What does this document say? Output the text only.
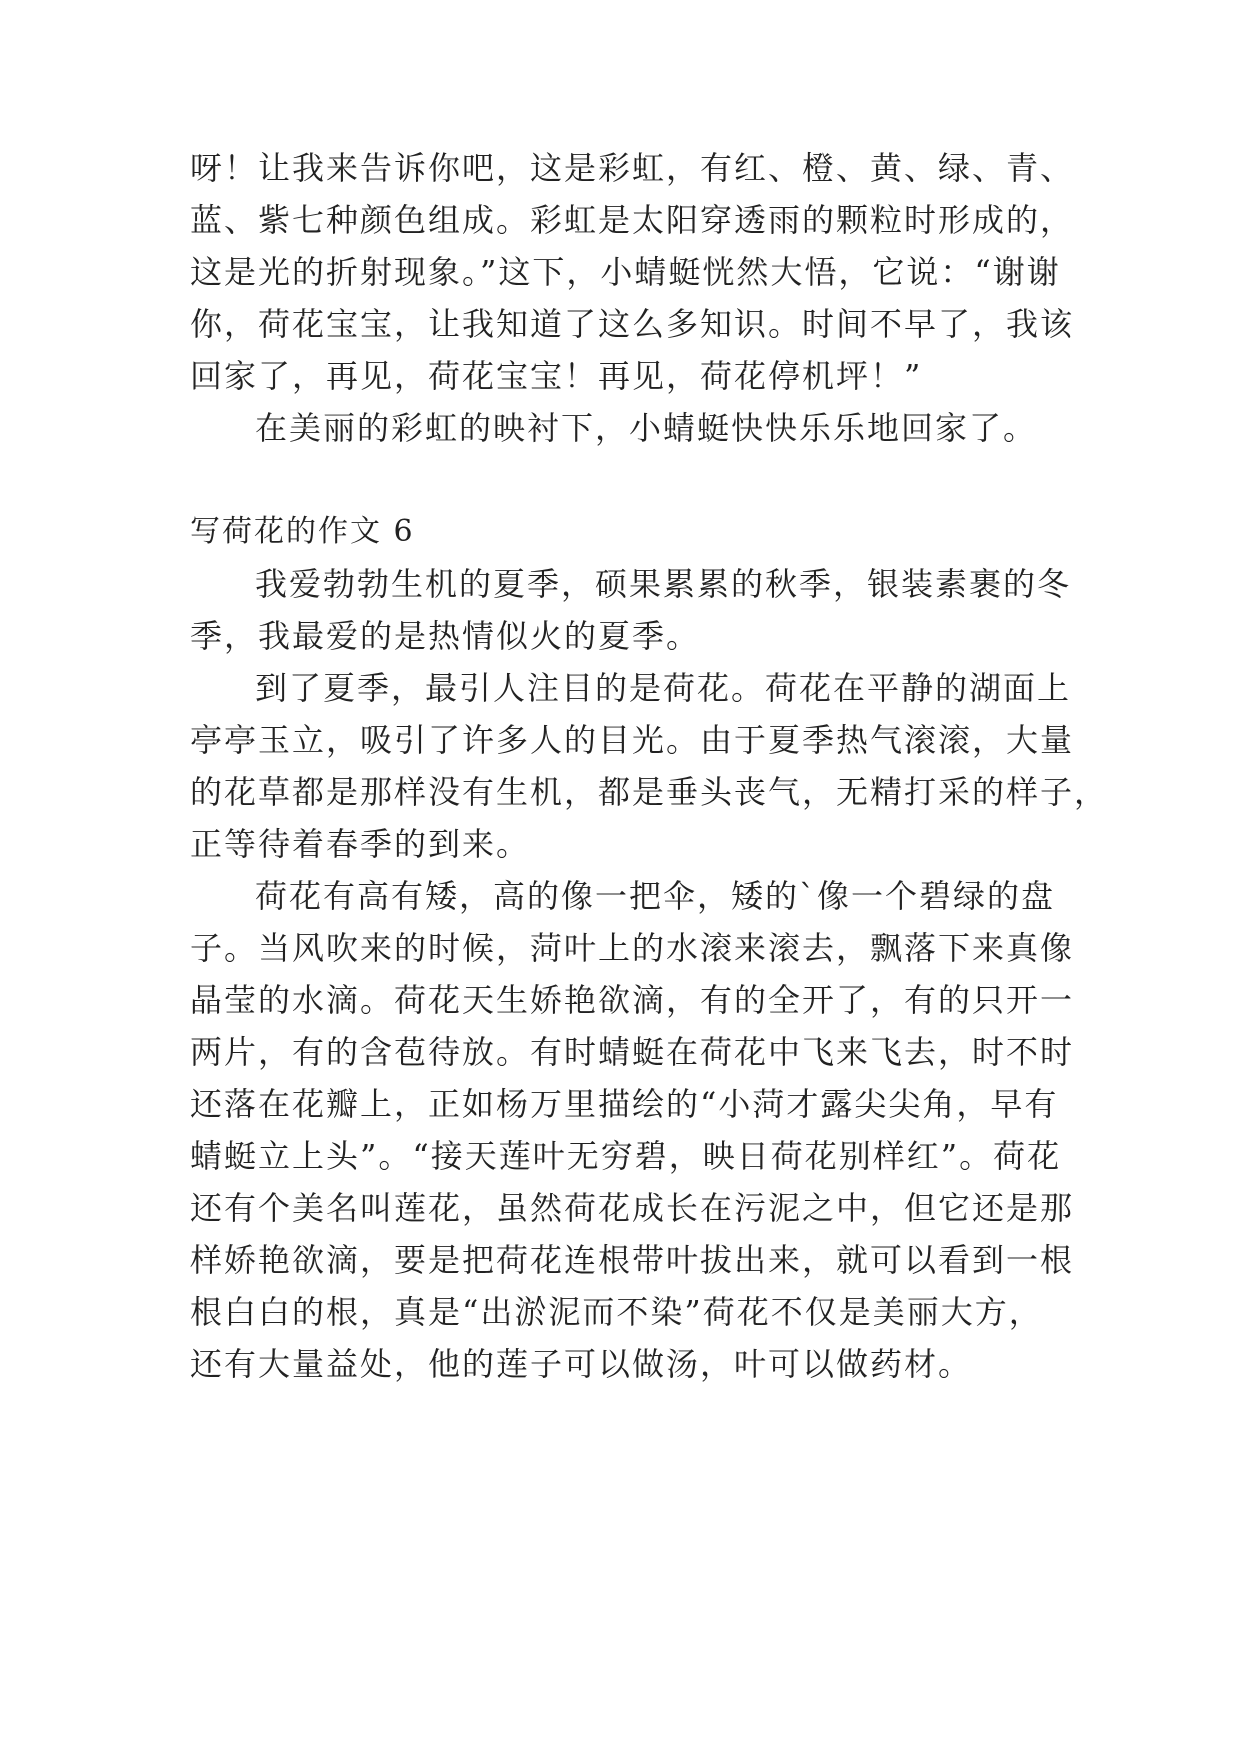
呀！让我来告诉你吧，这是彩虹，有红、橙、黄、绿、青、
蓝、紫七种颜色组成。彩虹是太阳穿透雨的颗粒时形成的，
这是光的折射现象。”这下，小蜻蜓恍然大悟，它说：“谢谢
你，荷花宝宝，让我知道了这么多知识。时间不早了，我该
回家了，再见，荷花宝宝！再见，荷花停机坪！”
在美丽的彩虹的映衬下，小蜻蜓快快乐乐地回家了。
写荷花的作文 6
我爱勃勃生机的夏季，硕果累累的秋季，银装素裹的冬
季，我最爱的是热情似火的夏季。
到了夏季，最引人注目的是荷花。荷花在平静的湖面上
亭亭玉立，吸引了许多人的目光。由于夏季热气滚滚，大量
的花草都是那样没有生机，都是垂头丧气，无精打采的样子，
正等待着春季的到来。
荷花有高有矮，高的像一把伞，矮的`像一个碧绿的盘
子。当风吹来的时候，菏叶上的水滚来滚去，飘落下来真像
晶莹的水滴。荷花天生娇艳欲滴，有的全开了，有的只开一
两片，有的含苞待放。有时蜻蜓在荷花中飞来飞去，时不时
还落在花瓣上，正如杨万里描绘的“小菏才露尖尖角，早有
蜻蜓立上头”。“接天莲叶无穷碧，映日荷花别样红”。荷花
还有个美名叫莲花，虽然荷花成长在污泥之中，但它还是那
样娇艳欲滴，要是把荷花连根带叶拔出来，就可以看到一根
根白白的根，真是“出淤泥而不染”荷花不仅是美丽大方，
还有大量益处，他的莲子可以做汤，叶可以做药材。
